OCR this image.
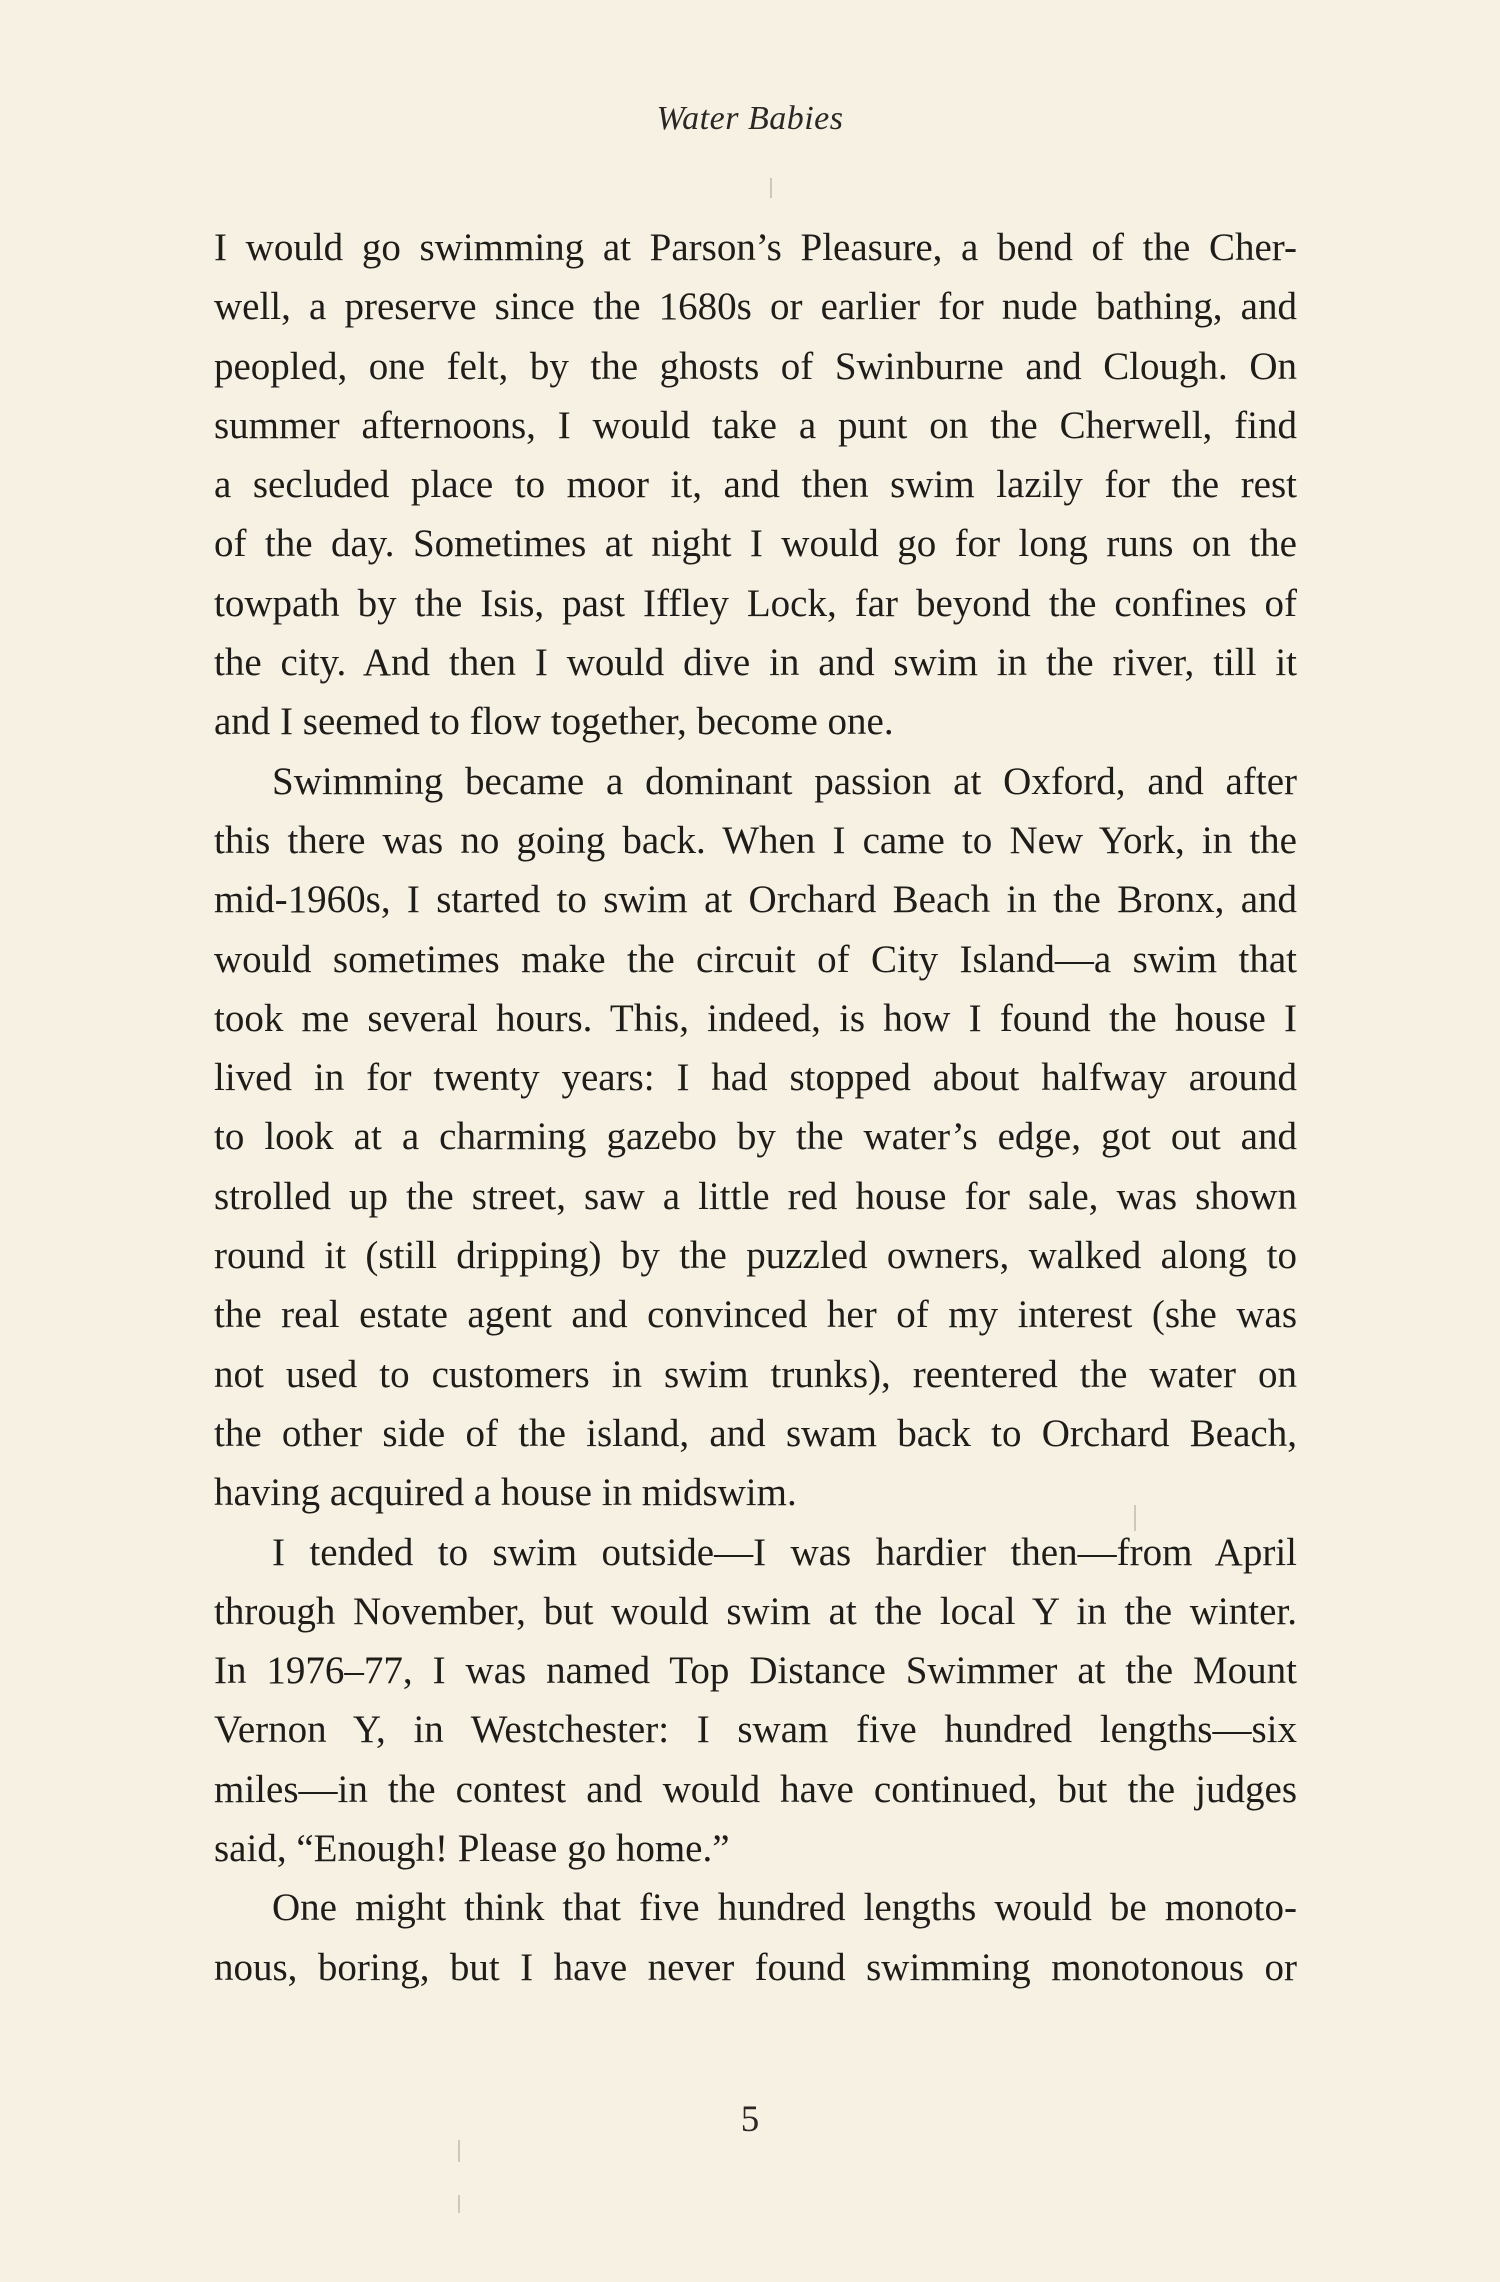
Water Babies
I would go swimming at Parson’s Pleasure, a bend of the Cher-
well, a preserve since the 1680s or earlier for nude bathing, and
peopled, one felt, by the ghosts of Swinburne and Clough. On
summer afternoons, I would take a punt on the Cherwell, find
a secluded place to moor it, and then swim lazily for the rest
of the day. Sometimes at night I would go for long runs on the
towpath by the Isis, past Iffley Lock, far beyond the confines of
the city. And then I would dive in and swim in the river, till it
and I seemed to flow together, become one.
Swimming became a dominant passion at Oxford, and after
this there was no going back. When I came to New York, in the
mid-1960s, I started to swim at Orchard Beach in the Bronx, and
would sometimes make the circuit of City Island—a swim that
took me several hours. This, indeed, is how I found the house I
lived in for twenty years: I had stopped about halfway around
to look at a charming gazebo by the water’s edge, got out and
strolled up the street, saw a little red house for sale, was shown
round it (still dripping) by the puzzled owners, walked along to
the real estate agent and convinced her of my interest (she was
not used to customers in swim trunks), reentered the water on
the other side of the island, and swam back to Orchard Beach,
having acquired a house in midswim.
I tended to swim outside—I was hardier then—from April
through November, but would swim at the local Y in the winter.
In 1976–77, I was named Top Distance Swimmer at the Mount
Vernon Y, in Westchester: I swam five hundred lengths—six
miles—in the contest and would have continued, but the judges
said, “Enough! Please go home.”
One might think that five hundred lengths would be monoto-
nous, boring, but I have never found swimming monotonous or
5
